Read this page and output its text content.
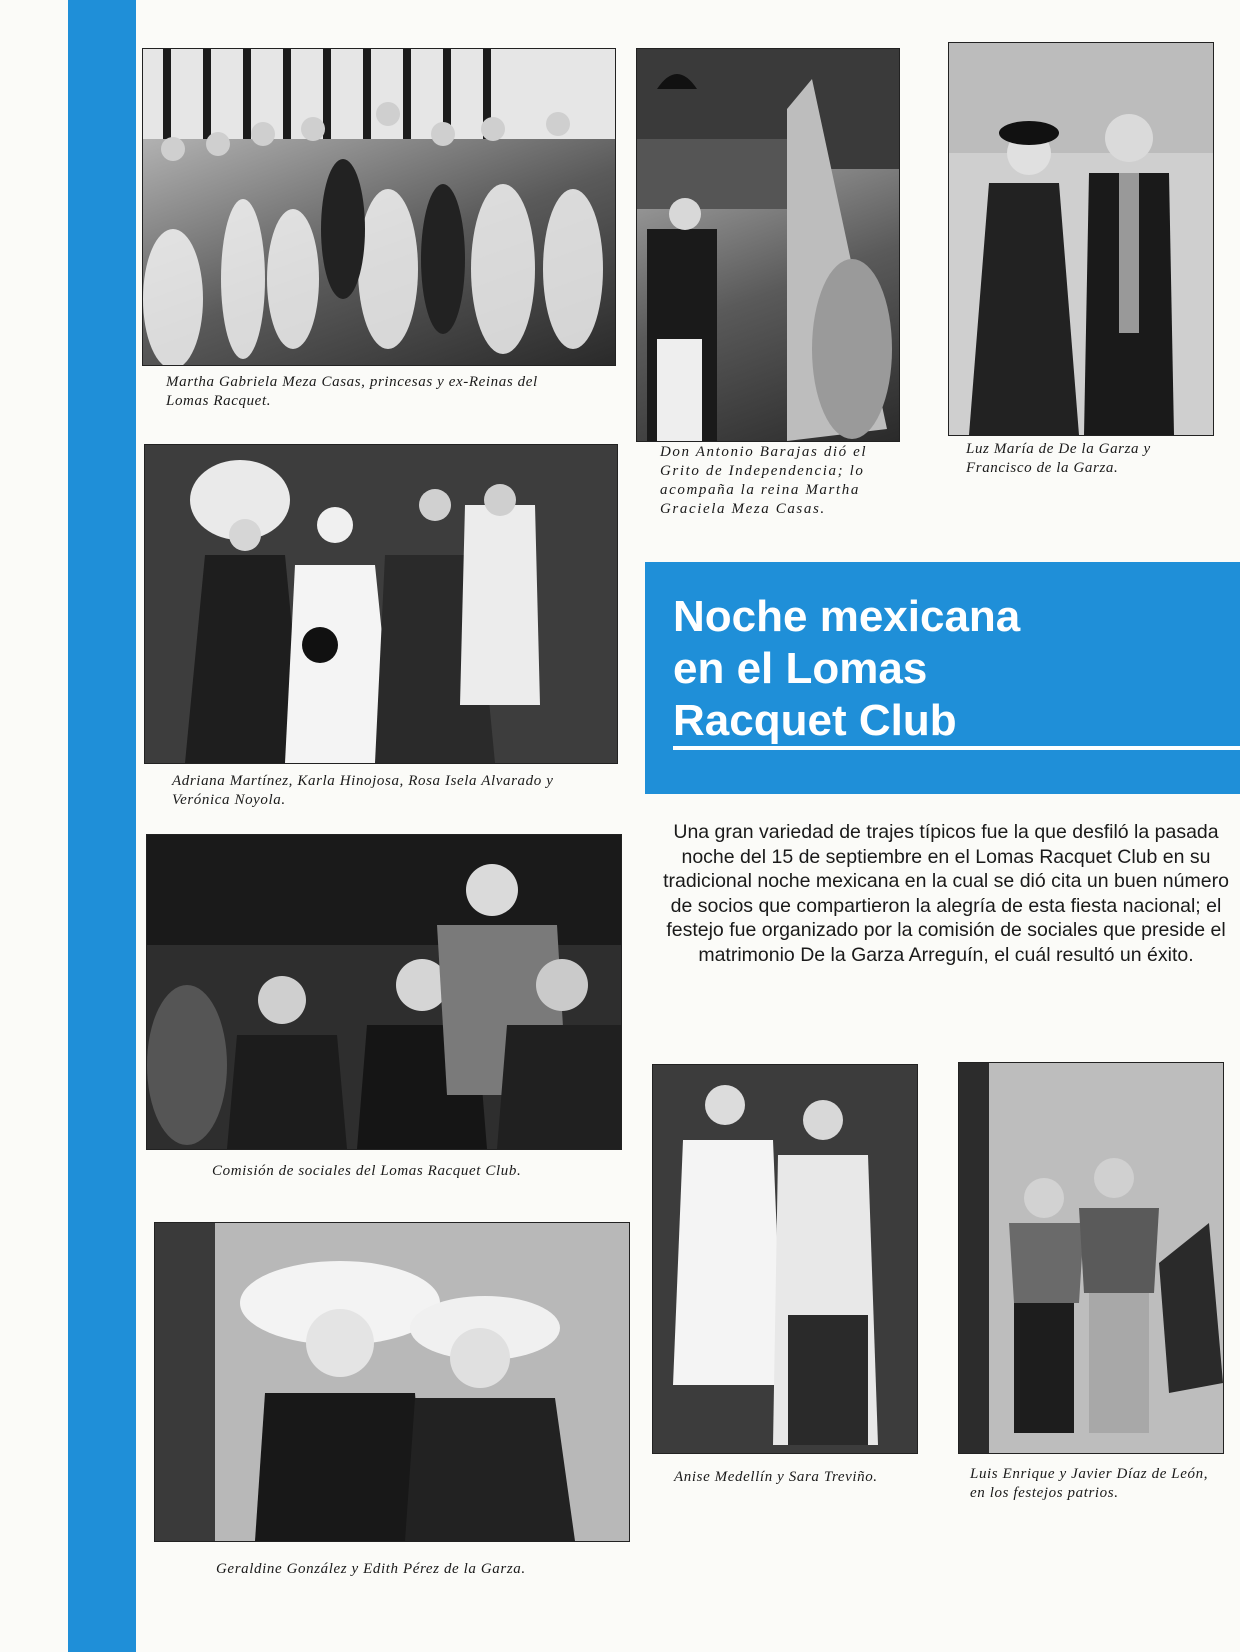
Martha Gabriela Meza Casas, princesas y ex-Reinas del
Lomas Racquet.
Don Antonio Barajas dió el
Grito de Independencia; lo
acompaña la reina Martha
Graciela Meza Casas.
Luz María de De la Garza y
Francisco de la Garza.
Adriana Martínez, Karla Hinojosa, Rosa Isela Alvarado y
Verónica Noyola.
Comisión de sociales del Lomas Racquet Club.
Geraldine González y Edith Pérez de la Garza.
Noche mexicana
en el Lomas
Racquet Club
Una gran variedad de trajes típicos fue la que desfiló la pasada noche del 15 de septiembre en el Lomas Racquet Club en su tradicional noche mexicana en la cual se dió cita un buen número de socios que compartieron la alegría de esta fiesta nacional; el festejo fue organizado por la comisión de sociales que preside el matrimonio De la Garza Arreguín, el cuál resultó un éxito.
Anise Medellín y Sara Treviño.	Luis Enrique y Javier Díaz de León,
en los festejos patrios.
